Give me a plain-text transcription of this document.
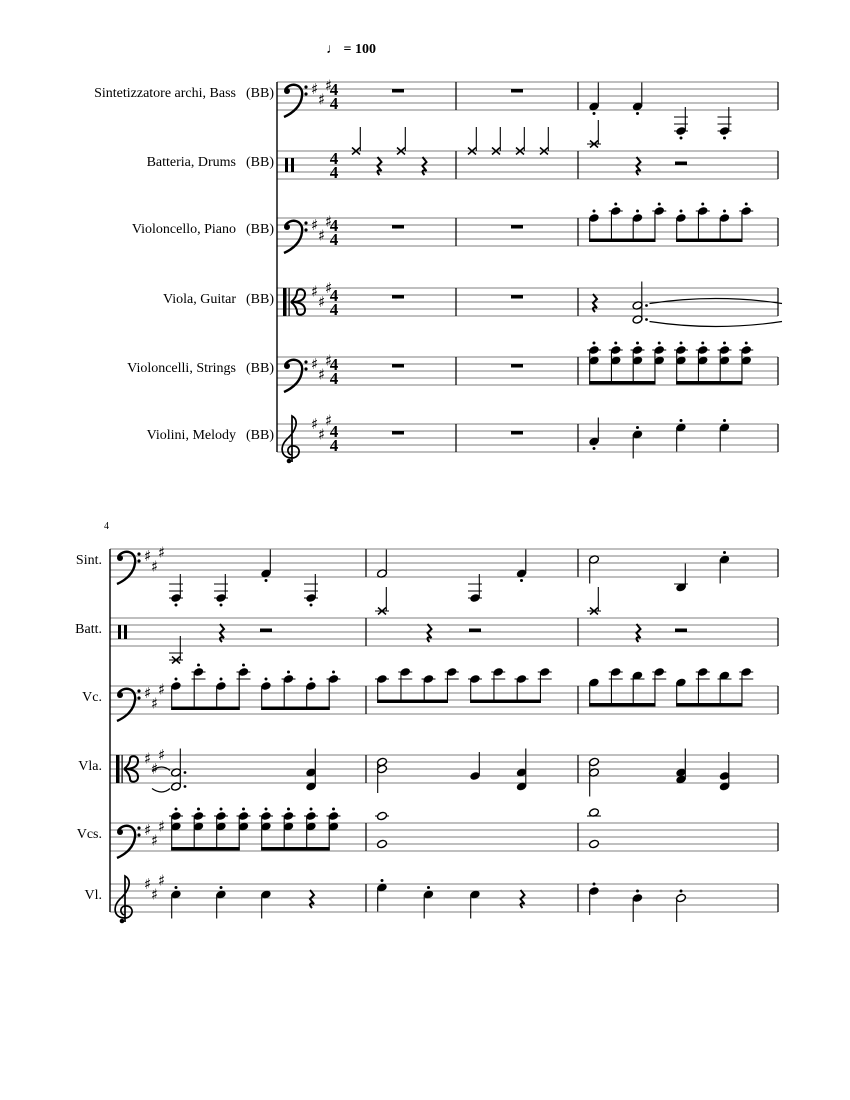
♩ = 100
4
Sintetizzatore archi, Bass (BB)
Batteria, Drums (BB)
Violoncello, Piano (BB)
Viola, Guitar (BB)
Violoncelli, Strings (BB)
Violini, Melody (BB)
Sint.
Batt.
Vc.
Vla.
Vcs.
Vl.
♯
♯
♯
4
4
♯
♯
♯
4
4
♯
♯
♯
4
4
♯
♯
♯
♯
♯
♯
4
4
♯
♯
♯
♯
♯
♯
4
4
♯
♯
♯
♯
♯
♯
4
4
♯
♯
♯
